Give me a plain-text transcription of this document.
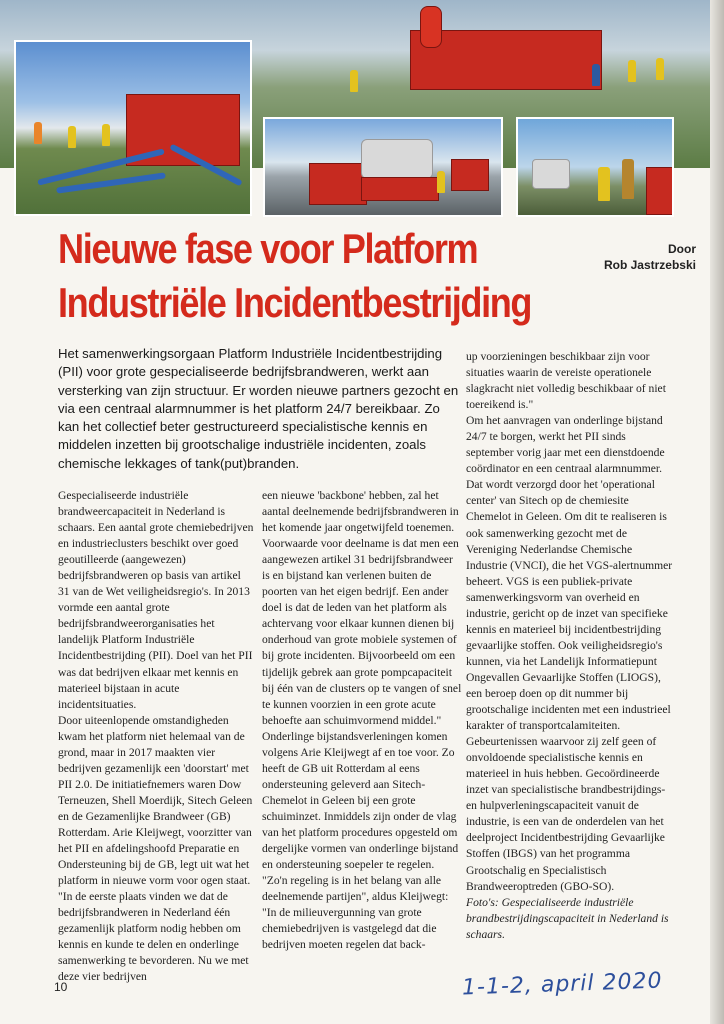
Nieuwe fase voor Platform
Industriële Incidentbestrijding
Door
Rob Jastrzebski
Het samenwerkingsorgaan Platform Industriële Incidentbestrijding (PII) voor grote gespecialiseerde bedrijfsbrandweren, werkt aan versterking van zijn structuur. Er worden nieuwe partners gezocht en via een centraal alarmnummer is het platform 24/7 bereikbaar. Zo kan het collectief beter gestructureerd specialistische kennis en middelen inzetten bij grootschalige industriële incidenten, zoals chemische lekkages of tank(put)branden.

Gespecialiseerde industriële brandweercapaciteit in Nederland is schaars. Een aantal grote chemiebedrijven en industrieclusters beschikt over goed geoutilleerde (aangewezen) bedrijfsbrandweren op basis van artikel 31 van de Wet veiligheidsregio's. In 2013 vormde een aantal grote bedrijfsbrandweerorganisaties het landelijk Platform Industriële Incidentbestrijding (PII). Doel van het PII was dat bedrijven elkaar met kennis en materieel bijstaan in acute incidentsituaties.

Door uiteenlopende omstandigheden kwam het platform niet helemaal van de grond, maar in 2017 maakten vier bedrijven gezamenlijk een 'doorstart' met PII 2.0. De initiatiefnemers waren Dow Terneuzen, Shell Moerdijk, Sitech Geleen en de Gezamenlijke Brandweer (GB) Rotterdam. Arie Kleijwegt, voorzitter van het PII en afdelingshoofd Preparatie en Ondersteuning bij de GB, legt uit wat het platform in nieuwe vorm voor ogen staat. "In de eerste plaats vinden we dat de bedrijfsbrandweren in Nederland één gezamenlijk platform nodig hebben om kennis en kunde te delen en onderlinge samenwerking te bevorderen. Nu we met deze vier bedrijven

een nieuwe 'backbone' hebben, zal het aantal deelnemende bedrijfsbrandweren in het komende jaar ongetwijfeld toenemen. Voorwaarde voor deelname is dat men een aangewezen artikel 31 bedrijfsbrandweer is en bijstand kan verlenen buiten de poorten van het eigen bedrijf. Een ander doel is dat de leden van het platform als achtervang voor elkaar kunnen dienen bij onderhoud van grote mobiele systemen of bij grote incidenten. Bijvoorbeeld om een tijdelijk gebrek aan grote pompcapaciteit bij één van de clusters op te vangen of snel te kunnen voorzien in een grote acute behoefte aan schuimvormend middel."

Onderlinge bijstandsverleningen komen volgens Arie Kleijwegt af en toe voor. Zo heeft de GB uit Rotterdam al eens ondersteuning geleverd aan Sitech-Chemelot in Geleen bij een grote schuiminzet. Inmiddels zijn onder de vlag van het platform procedures opgesteld om dergelijke vormen van onderlinge bijstand en ondersteuning soepeler te regelen. "Zo'n regeling is in het belang van alle deelnemende partijen", aldus Kleijwegt: "In de milieuvergunning van grote chemiebedrijven is vastgelegd dat die bedrijven moeten regelen dat back-

up voorzieningen beschikbaar zijn voor situaties waarin de vereiste operationele slagkracht niet volledig beschikbaar of niet toereikend is."

Om het aanvragen van onderlinge bijstand 24/7 te borgen, werkt het PII sinds september vorig jaar met een dienstdoende coördinator en een centraal alarmnummer. Dat wordt verzorgd door het 'operational center' van Sitech op de chemiesite Chemelot in Geleen. Om dit te realiseren is ook samenwerking gezocht met de Vereniging Nederlandse Chemische Industrie (VNCI), die het VGS-alertnummer beheert. VGS is een publiek-private samenwerkingsvorm van overheid en industrie, gericht op de inzet van specifieke kennis en materieel bij incidentbestrijding gevaarlijke stoffen. Ook veiligheidsregio's kunnen, via het Landelijk Informatiepunt Ongevallen Gevaarlijke Stoffen (LIOGS), een beroep doen op dit nummer bij grootschalige incidenten met een industrieel karakter of transportcalamiteiten. Gebeurtenissen waarvoor zij zelf geen of onvoldoende specialistische kennis en materieel in huis hebben. Gecoördineerde inzet van specialistische brandbestrijdings- en hulpverleningscapaciteit vanuit de industrie, is een van de onderdelen van het deelproject Incidentbestrijding Gevaarlijke Stoffen (IBGS) van het programma Grootschalig en Specialistisch Brandweeroptreden (GBO-SO).

Foto's: Gespecialiseerde industriële brandbestrijdingscapaciteit in Nederland is schaars.

10	1-1-2, april 2020
